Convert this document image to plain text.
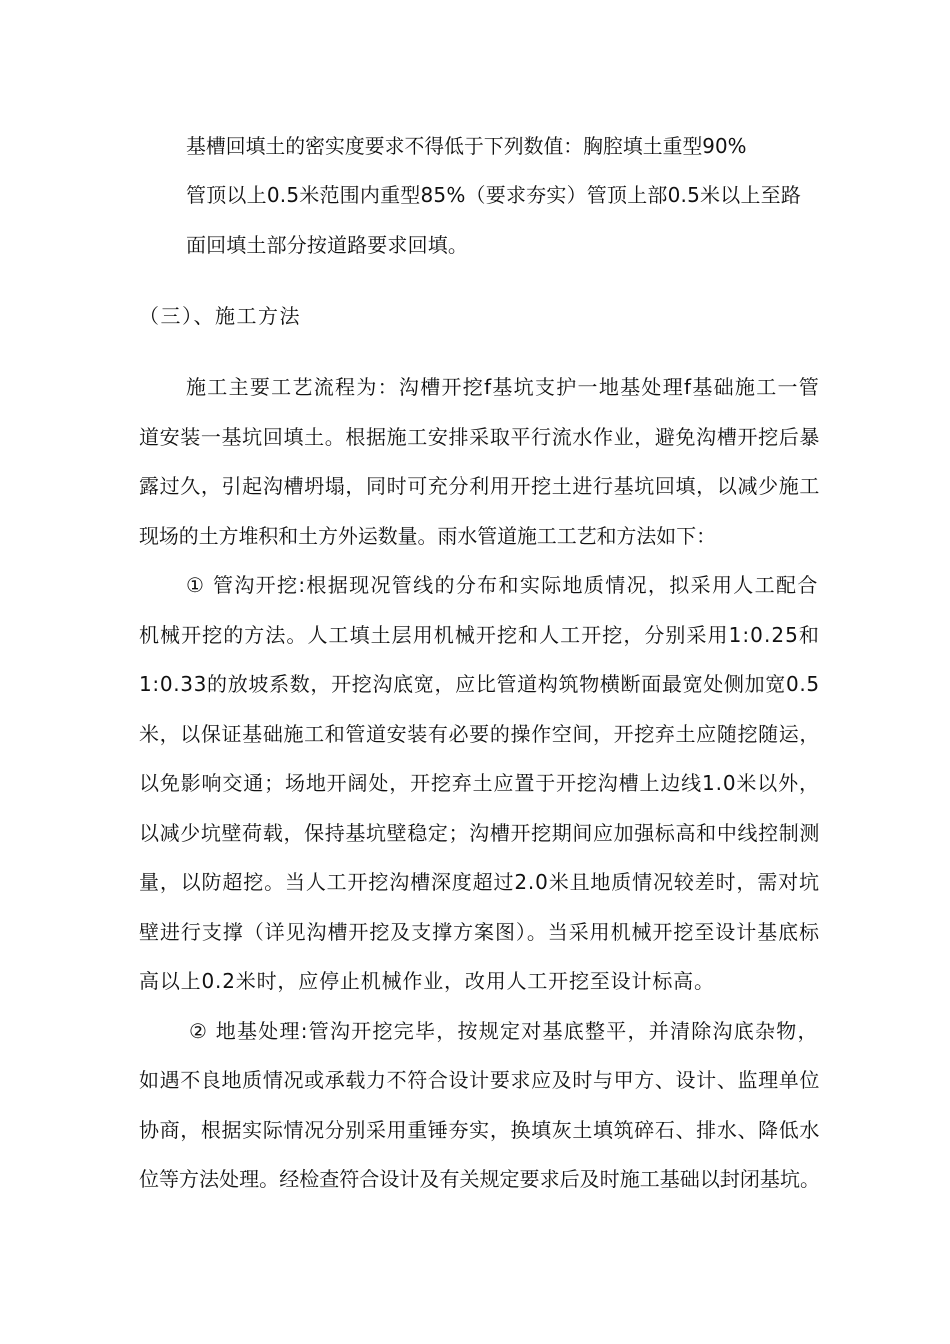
基槽回填土的密实度要求不得低于下列数值：胸腔填土重型90%
管顶以上0.5米范围内重型85%（要求夯实）管顶上部0.5米以上至路
面回填土部分按道路要求回填。
（三）、施工方法
施工主要工艺流程为：沟槽开挖f基坑支护一地基处理f基础施工一管
道安装一基坑回填土。根据施工安排采取平行流水作业，避免沟槽开挖后暴
露过久，引起沟槽坍塌，同时可充分利用开挖土进行基坑回填，以减少施工
现场的土方堆积和土方外运数量。雨水管道施工工艺和方法如下：
① 管沟开挖:根据现况管线的分布和实际地质情况，拟采用人工配合
机械开挖的方法。人工填土层用机械开挖和人工开挖，分别采用1:0.25和
1:0.33的放坡系数，开挖沟底宽，应比管道构筑物横断面最宽处侧加宽0.5
米，以保证基础施工和管道安装有必要的操作空间，开挖弃土应随挖随运，
以免影响交通；场地开阔处，开挖弃土应置于开挖沟槽上边线1.0米以外，
以减少坑壁荷载，保持基坑壁稳定；沟槽开挖期间应加强标高和中线控制测
量，以防超挖。当人工开挖沟槽深度超过2.0米且地质情况较差时，需对坑
壁进行支撑（详见沟槽开挖及支撑方案图）。当采用机械开挖至设计基底标
高以上0.2米时，应停止机械作业，改用人工开挖至设计标高。
② 地基处理:管沟开挖完毕，按规定对基底整平，并清除沟底杂物，
如遇不良地质情况或承载力不符合设计要求应及时与甲方、设计、监理单位
协商，根据实际情况分别采用重锤夯实，换填灰土填筑碎石、排水、降低水
位等方法处理。经检查符合设计及有关规定要求后及时施工基础以封闭基坑。
